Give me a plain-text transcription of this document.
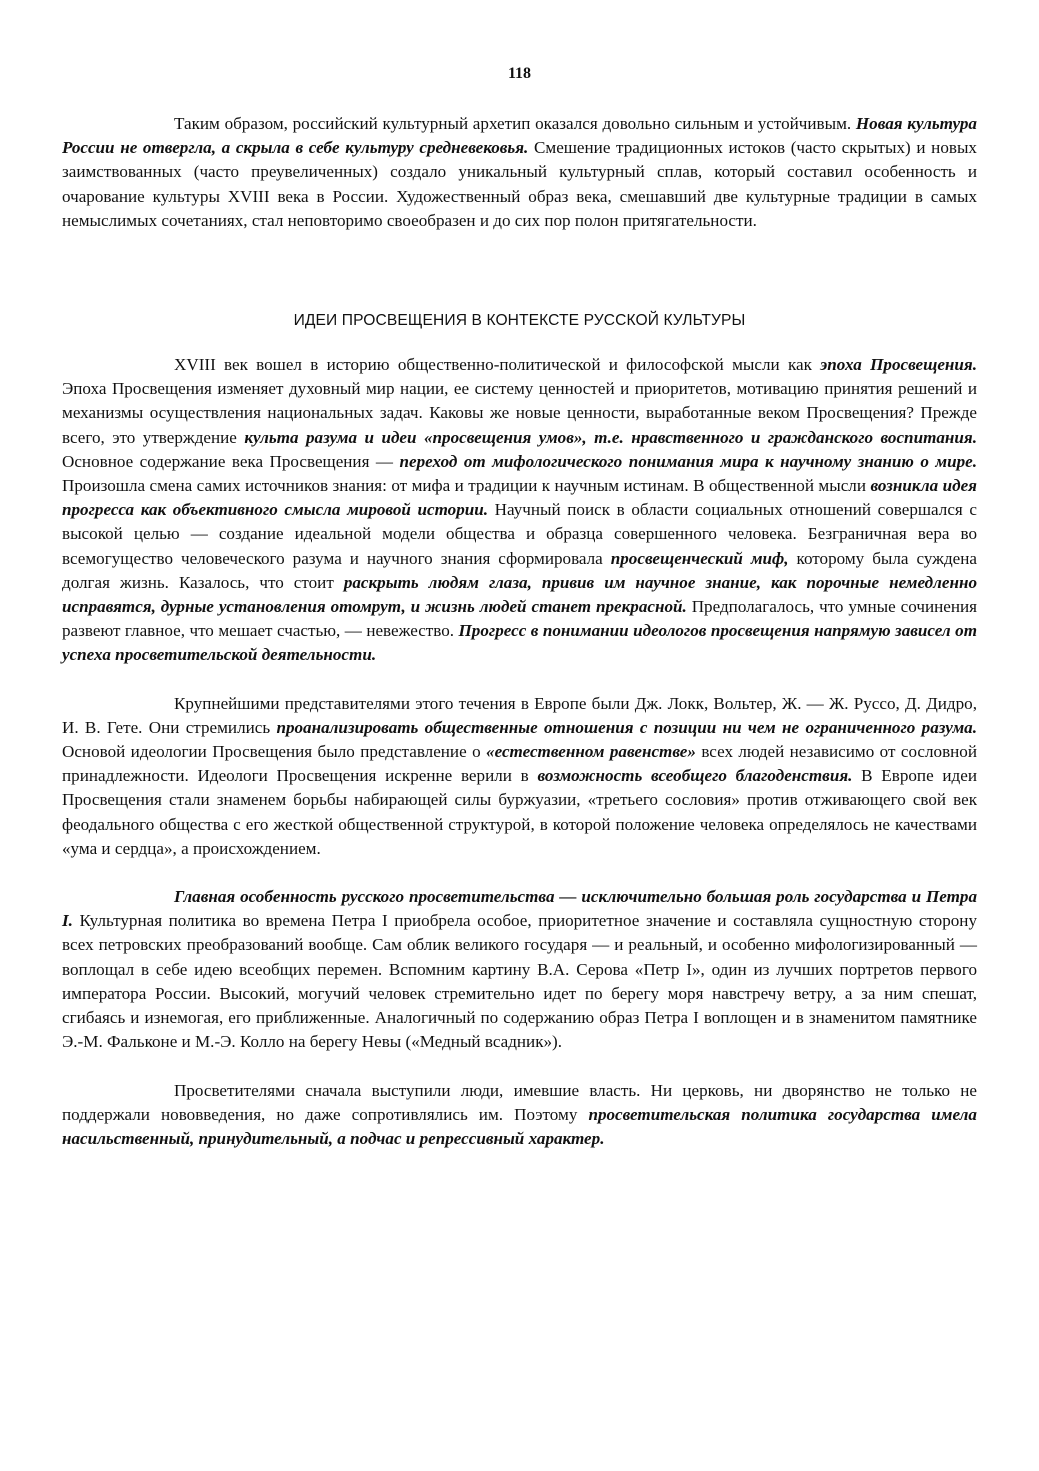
118

Таким образом, российский культурный архетип оказался довольно сильным и устойчивым. Новая культура России не отвергла, а скрыла в себе культуру средневековья. Смешение традиционных истоков (часто скрытых) и новых заимствованных (часто преувеличенных) создало уникальный культурный сплав, который составил особенность и очарование культуры XVIII века в России. Художественный образ века, смешавший две культурные традиции в самых немыслимых сочетаниях, стал неповторимо своеобразен и до сих пор полон притягательности.

ИДЕИ ПРОСВЕЩЕНИЯ В КОНТЕКСТЕ РУССКОЙ КУЛЬТУРЫ

XVIII век вошел в историю общественно-политической и философской мысли как эпоха Просвещения. Эпоха Просвещения изменяет духовный мир нации, ее систему ценностей и приоритетов, мотивацию принятия решений и механизмы осуществления национальных задач. Каковы же новые ценности, выработанные веком Просвещения? Прежде всего, это утверждение культа разума и идеи «просвещения умов», т.е. нравственного и гражданского воспитания. Основное содержание века Просвещения — переход от мифологического понимания мира к научному знанию о мире. Произошла смена самих источников знания: от мифа и традиции к научным истинам. В общественной мысли возникла идея прогресса как объективного смысла мировой истории. Научный поиск в области социальных отношений совершался с высокой целью — создание идеальной модели общества и образца совершенного человека. Безграничная вера во всемогущество человеческого разума и научного знания сформировала просвещенческий миф, которому была суждена долгая жизнь. Казалось, что стоит раскрыть людям глаза, привив им научное знание, как порочные немедленно исправятся, дурные установления отомрут, и жизнь людей станет прекрасной. Предполагалось, что умные сочинения развеют главное, что мешает счастью, — невежество. Прогресс в понимании идеологов просвещения напрямую зависел от успеха просветительской деятельности.

Крупнейшими представителями этого течения в Европе были Дж. Локк, Вольтер, Ж. — Ж. Руссо, Д. Дидро, И. В. Гете. Они стремились проанализировать общественные отношения с позиции ни чем не ограниченного разума. Основой идеологии Просвещения было представление о «естественном равенстве» всех людей независимо от сословной принадлежности. Идеологи Просвещения искренне верили в возможность всеобщего благоденствия. В Европе идеи Просвещения стали знаменем борьбы набирающей силы буржуазии, «третьего сословия» против отживающего свой век феодального общества с его жесткой общественной структурой, в которой положение человека определялось не качествами «ума и сердца», а происхождением.

Главная особенность русского просветительства — исключительно большая роль государства и Петра I. Культурная политика во времена Петра I приобрела особое, приоритетное значение и составляла сущностную сторону всех петровских преобразований вообще. Сам облик великого государя — и реальный, и особенно мифологизированный — воплощал в себе идею всеобщих перемен. Вспомним картину В.А. Серова «Петр I», один из лучших портретов первого императора России. Высокий, могучий человек стремительно идет по берегу моря навстречу ветру, а за ним спешат, сгибаясь и изнемогая, его приближенные. Аналогичный по содержанию образ Петра I воплощен и в знаменитом памятнике Э.-М. Фальконе и М.-Э. Колло на берегу Невы («Медный всадник»).

Просветителями сначала выступили люди, имевшие власть. Ни церковь, ни дворянство не только не поддержали нововведения, но даже сопротивлялись им. Поэтому просветительская политика государства имела насильственный, принудительный, а подчас и репрессивный характер.
